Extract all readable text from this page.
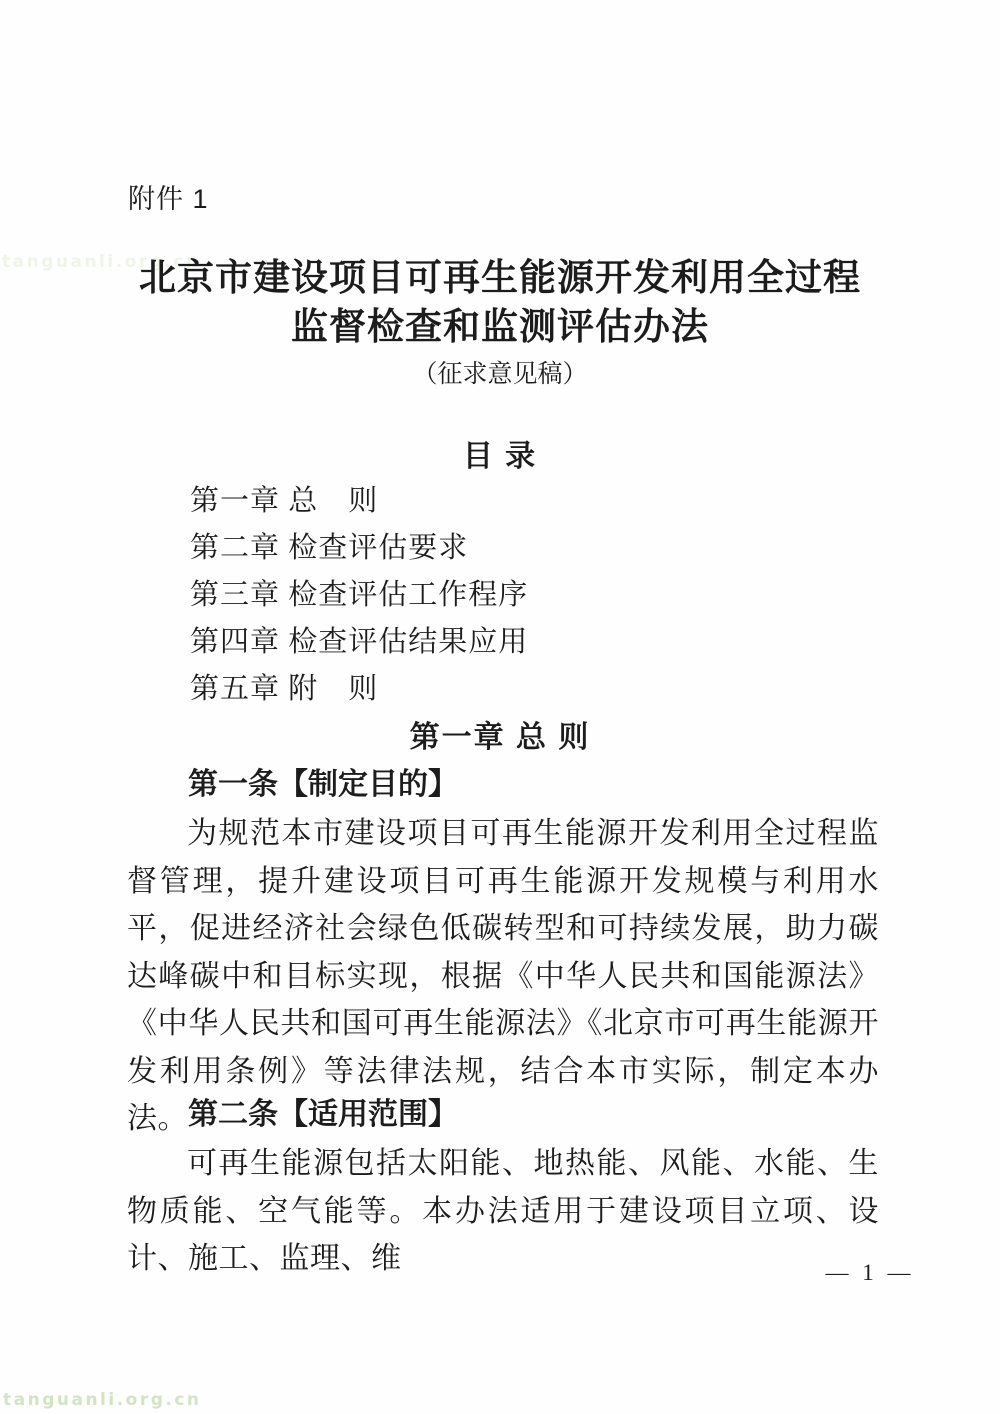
tanguanli.org.cn
附件 1
北京市建设项目可再生能源开发利用全过程
监督检查和监测评估办法
（征求意见稿）
目 录
第一章 总　则
第二章 检查评估要求
第三章 检查评估工作程序
第四章 检查评估结果应用
第五章 附　则
第一章 总 则
第一条【制定目的】
为规范本市建设项目可再生能源开发利用全过程监督管理，提升建设项目可再生能源开发规模与利用水平，促进经济社会绿色低碳转型和可持续发展，助力碳达峰碳中和目标实现，根据《中华人民共和国能源法》《中华人民共和国可再生能源法》《北京市可再生能源开发利用条例》等法律法规，结合本市实际，制定本办法。 第二条【适用范围】
可再生能源包括太阳能、地热能、风能、水能、生物质能、空气能等。本办法适用于建设项目立项、设计、施工、监理、维	— 1 —
tanguanli.org.cn
